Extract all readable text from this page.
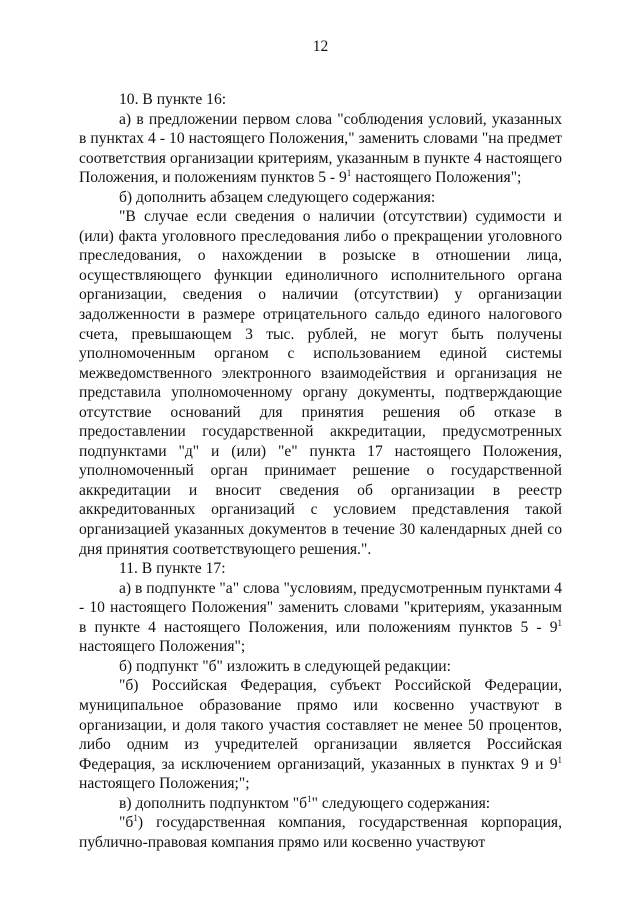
12

10. В пункте 16:

а) в предложении первом слова "соблюдения условий, указанных в пунктах 4 - 10 настоящего Положения," заменить словами "на предмет соответствия организации критериям, указанным в пункте 4 настоящего Положения, и положениям пунктов $5 - 9^1$ настоящего Положения";

б) дополнить абзацем следующего содержания:

"В случае если сведения о наличии (отсутствии) судимости и (или) факта уголовного преследования либо о прекращении уголовного преследования, о нахождении в розыске в отношении лица, осуществляющего функции единоличного исполнительного органа организации, сведения о наличии (отсутствии) у организации задолженности в размере отрицательного сальдо единого налогового счета, превышающем 3 тыс. рублей, не могут быть получены уполномоченным органом с использованием единой системы межведомственного электронного взаимодействия и организация не представила уполномоченному органу документы, подтверждающие отсутствие оснований для принятия решения об отказе в предоставлении государственной аккредитации, предусмотренных подпунктами "д" и (или) "е" пункта 17 настоящего Положения, уполномоченный орган принимает решение о государственной аккредитации и вносит сведения об организации в реестр аккредитованных организаций с условием представления такой организацией указанных документов в течение 30 календарных дней со дня принятия соответствующего решения.".

11. В пункте 17:

а) в подпункте "а" слова "условиям, предусмотренным пунктами 4 - 10 настоящего Положения" заменить словами "критериям, указанным в пункте 4 настоящего Положения, или положениям пунктов $5 - 9^1$ настоящего Положения";

б) подпункт "б" изложить в следующей редакции:

"б) Российская Федерация, субъект Российской Федерации, муниципальное образование прямо или косвенно участвуют в организации, и доля такого участия составляет не менее 50 процентов, либо одним из учредителей организации является Российская Федерация, за исключением организаций, указанных в пунктах 9 и $9^1$ настоящего Положения;";

в) дополнить подпунктом "$б^1$" следующего содержания:

"$б^1$) государственная компания, государственная корпорация, публично-правовая компания прямо или косвенно участвуют
